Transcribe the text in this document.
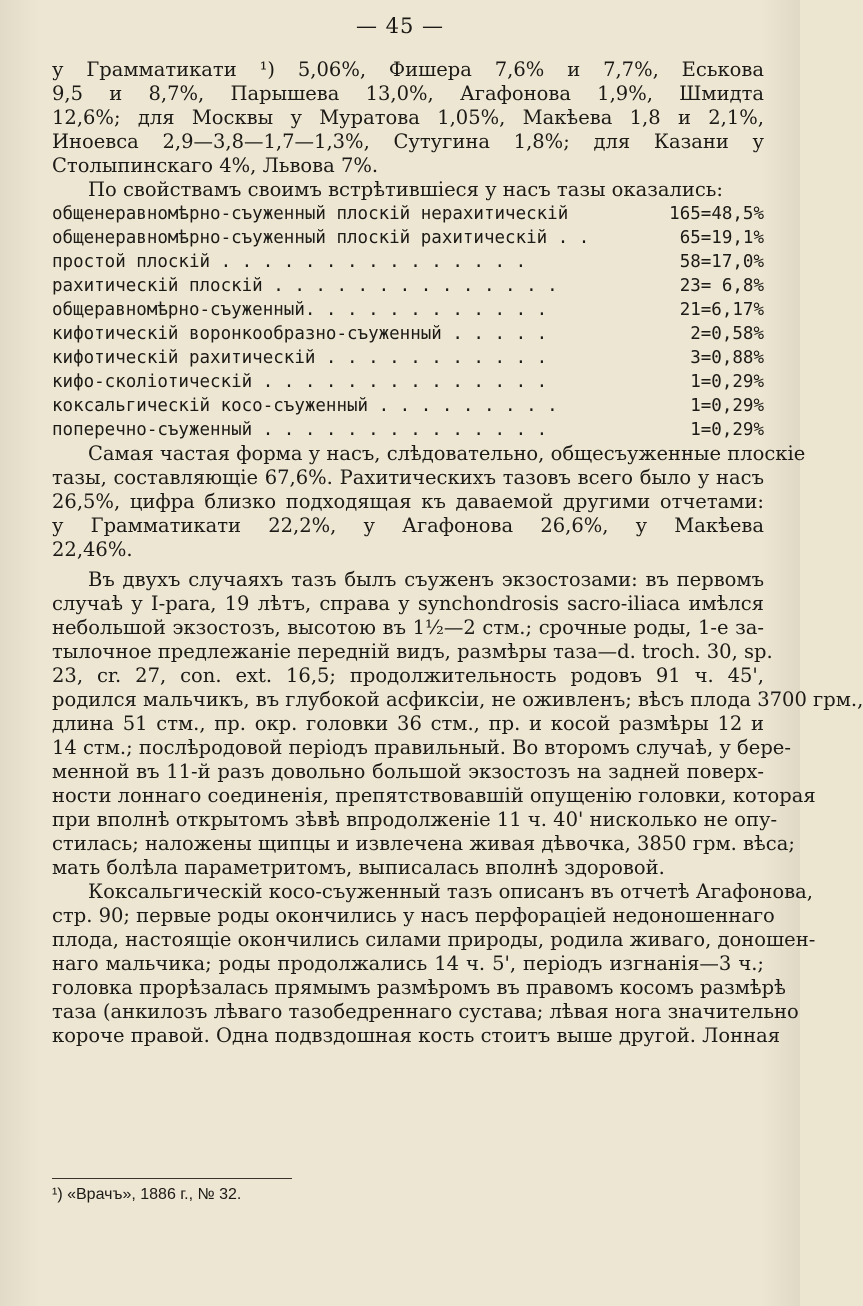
— 45 —
у Грамматикати ¹) 5,06%, Фишера 7,6% и 7,7%, Еськова
9,5 и 8,7%, Парышева 13,0%, Агафонова 1,9%, Шмидта
12,6%; для Москвы у Муратова 1,05%, Макѣева 1,8 и 2,1%,
Иноевса 2,9—3,8—1,7—1,3%, Сутугина 1,8%; для Казани у
Столыпинскаго 4%, Львова 7%.
По свойствамъ своимъ встрѣтившіеся у насъ тазы оказались:
общенеравномѣрно-съуженный плоскій нерахитическій	165=48,5%
общенеравномѣрно-съуженный плоскій рахитическій . .	65=19,1%
простой плоскій . . . . . . . . . . . . . . .	58=17,0%
рахитическій плоскій . . . . . . . . . . . . . .	23= 6,8%
общеравномѣрно-съуженный. . . . . . . . . . . .	21=6,17%
кифотическій воронкообразно-съуженный . . . . .	2=0,58%
кифотическій рахитическій . . . . . . . . . . .	3=0,88%
кифо-сколіотическій . . . . . . . . . . . . . .	1=0,29%
коксальгическій косо-съуженный . . . . . . . . .	1=0,29%
поперечно-съуженный . . . . . . . . . . . . . .	1=0,29%
Самая частая форма у насъ, слѣдовательно, общесъуженные плоскіе
тазы, составляющіе 67,6%. Рахитическихъ тазовъ всего было у насъ
26,5%, цифра близко подходящая къ даваемой другими отчетами:
у Грамматикати 22,2%, у Агафонова 26,6%, у Макѣева
22,46%.
Въ двухъ случаяхъ тазъ былъ съуженъ экзостозами: въ первомъ
случаѣ у I-para, 19 лѣтъ, справа у synchondrosis sacro-iliaca имѣлся
небольшой экзостозъ, высотою въ 1½—2 стм.; срочные роды, 1-е за-
тылочное предлежаніе передній видъ, размѣры таза—d. troch. 30, sp.
23, cr. 27, con. ext. 16,5; продолжительность родовъ 91 ч. 45',
родился мальчикъ, въ глубокой асфиксіи, не оживленъ; вѣсъ плода 3700 грм.,
длина 51 стм., пр. окр. головки 36 стм., пр. и косой размѣры 12 и
14 стм.; послѣродовой періодъ правильный. Во второмъ случаѣ, у бере-
менной въ 11-й разъ довольно большой экзостозъ на задней поверх-
ности лоннаго соединенія, препятствовавшій опущенію головки, которая
при вполнѣ открытомъ зѣвѣ впродолженіе 11 ч. 40' нисколько не опу-
стилась; наложены щипцы и извлечена живая дѣвочка, 3850 грм. вѣса;
мать болѣла параметритомъ, выписалась вполнѣ здоровой.
Коксальгическій косо-съуженный тазъ описанъ въ отчетѣ Агафонова,
стр. 90; первые роды окончились у насъ перфораціей недоношеннаго
плода, настоящіе окончились силами природы, родила живаго, доношен-
наго мальчика; роды продолжались 14 ч. 5', періодъ изгнанія—3 ч.;
головка прорѣзалась прямымъ размѣромъ въ правомъ косомъ размѣрѣ
таза (анкилозъ лѣваго тазобедреннаго сустава; лѣвая нога значительно
короче правой. Одна подвздошная кость стоитъ выше другой. Лонная
¹) «Врачъ», 1886 г., № 32.
